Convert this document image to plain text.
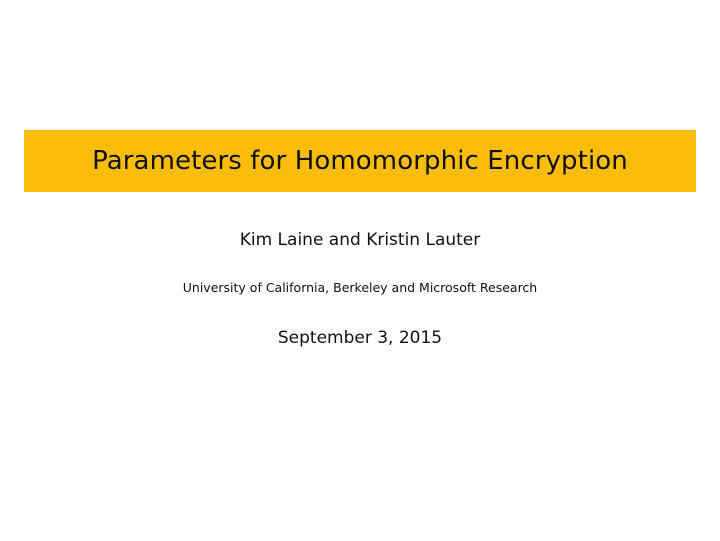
Parameters for Homomorphic Encryption
Kim Laine and Kristin Lauter
University of California, Berkeley and Microsoft Research
September 3, 2015
